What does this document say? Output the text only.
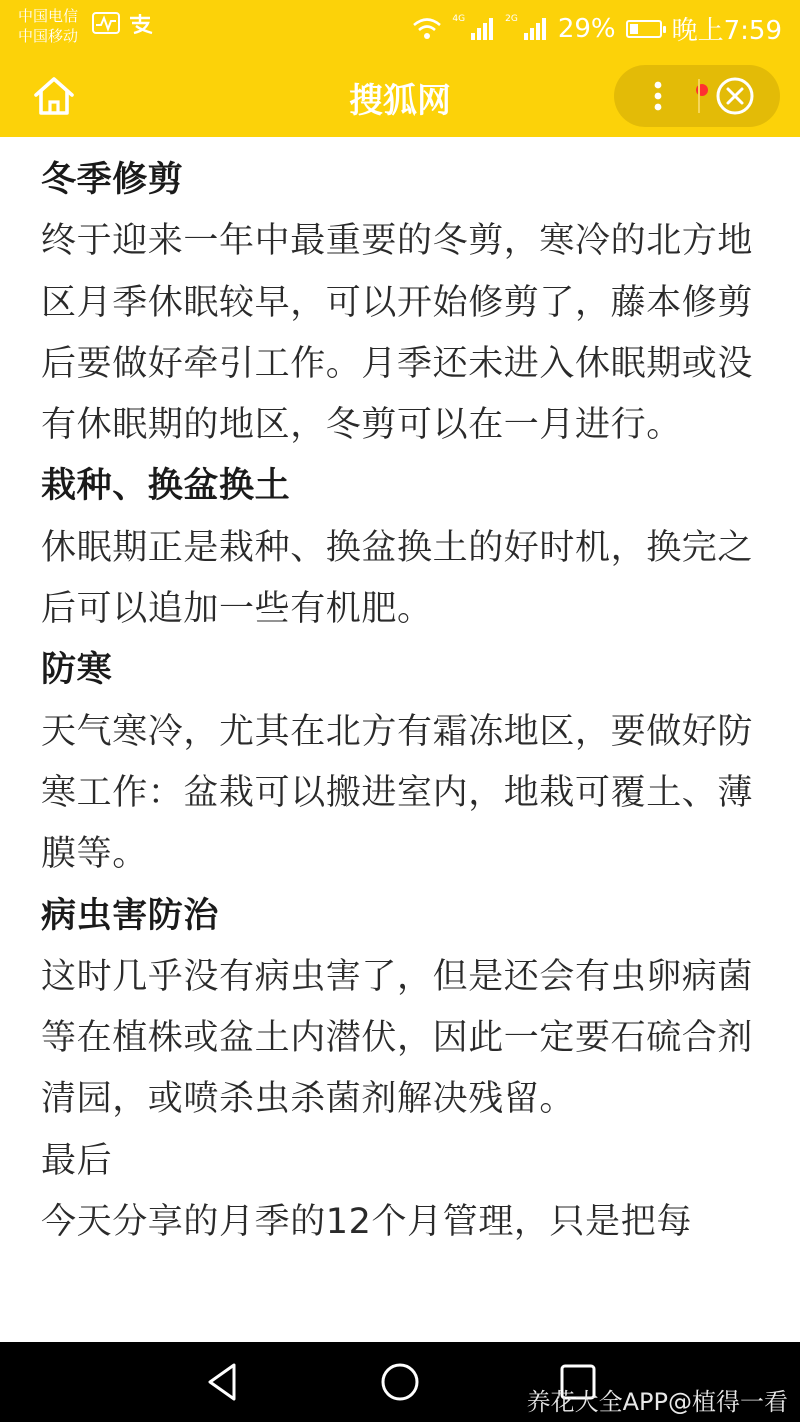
中国电信
中国移动
4G	2G 29% 晚上7:59
搜狐网
冬季修剪

终于迎来一年中最重要的冬剪，寒冷的北方地区月季休眠较早，可以开始修剪了，藤本修剪后要做好牵引工作。月季还未进入休眠期或没有休眠期的地区，冬剪可以在一月进行。

栽种、换盆换土

休眠期正是栽种、换盆换土的好时机，换完之后可以追加一些有机肥。

防寒

天气寒冷，尤其在北方有霜冻地区，要做好防寒工作：盆栽可以搬进室内，地栽可覆土、薄膜等。

病虫害防治

这时几乎没有病虫害了，但是还会有虫卵病菌等在植株或盆土内潜伏，因此一定要石硫合剂清园，或喷杀虫杀菌剂解决残留。

最后

今天分享的月季的12个月管理，只是把每

养花大全APP@植得一看
